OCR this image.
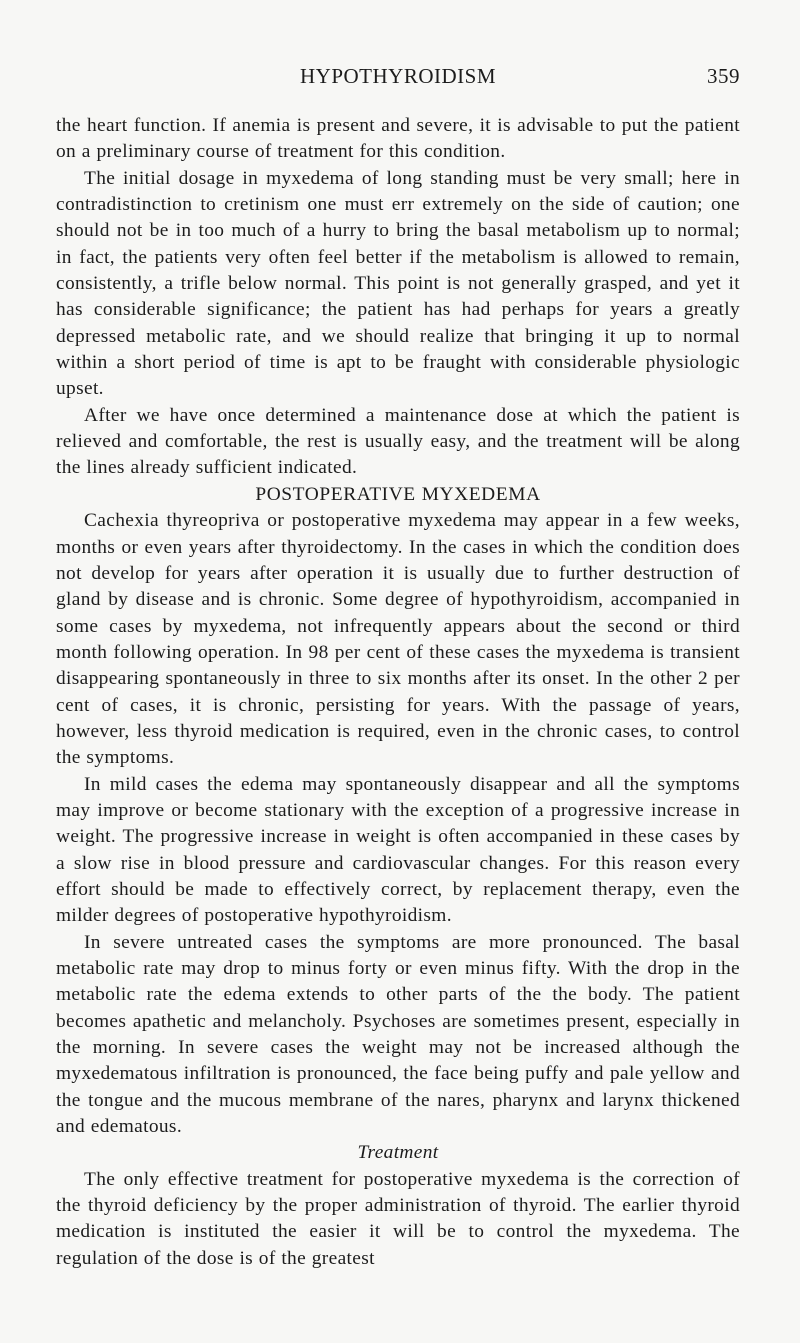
HYPOTHYROIDISM	359

the heart function. If anemia is present and severe, it is advisable to put the patient on a preliminary course of treatment for this condition.

The initial dosage in myxedema of long standing must be very small; here in contradistinction to cretinism one must err extremely on the side of caution; one should not be in too much of a hurry to bring the basal metabolism up to normal; in fact, the patients very often feel better if the metabolism is allowed to remain, consistently, a trifle below normal. This point is not generally grasped, and yet it has considerable significance; the patient has had perhaps for years a greatly depressed metabolic rate, and we should realize that bringing it up to normal within a short period of time is apt to be fraught with considerable physiologic upset.

After we have once determined a maintenance dose at which the patient is relieved and comfortable, the rest is usually easy, and the treatment will be along the lines already sufficient indicated.

POSTOPERATIVE MYXEDEMA

Cachexia thyreopriva or postoperative myxedema may appear in a few weeks, months or even years after thyroidectomy. In the cases in which the condition does not develop for years after operation it is usually due to further destruction of gland by disease and is chronic. Some degree of hypothyroidism, accompanied in some cases by myxedema, not infrequently appears about the second or third month following operation. In 98 per cent of these cases the myxedema is transient disappearing spontaneously in three to six months after its onset. In the other 2 per cent of cases, it is chronic, persisting for years. With the passage of years, however, less thyroid medication is required, even in the chronic cases, to control the symptoms.

In mild cases the edema may spontaneously disappear and all the symptoms may improve or become stationary with the exception of a progressive increase in weight. The progressive increase in weight is often accompanied in these cases by a slow rise in blood pressure and cardiovascular changes. For this reason every effort should be made to effectively correct, by replacement therapy, even the milder degrees of postoperative hypothyroidism.

In severe untreated cases the symptoms are more pronounced. The basal metabolic rate may drop to minus forty or even minus fifty. With the drop in the metabolic rate the edema extends to other parts of the the body. The patient becomes apathetic and melancholy. Psychoses are sometimes present, especially in the morning. In severe cases the weight may not be increased although the myxedematous infiltration is pronounced, the face being puffy and pale yellow and the tongue and the mucous membrane of the nares, pharynx and larynx thickened and edematous.

Treatment

The only effective treatment for postoperative myxedema is the correction of the thyroid deficiency by the proper administration of thyroid. The earlier thyroid medication is instituted the easier it will be to control the myxedema. The regulation of the dose is of the greatest
